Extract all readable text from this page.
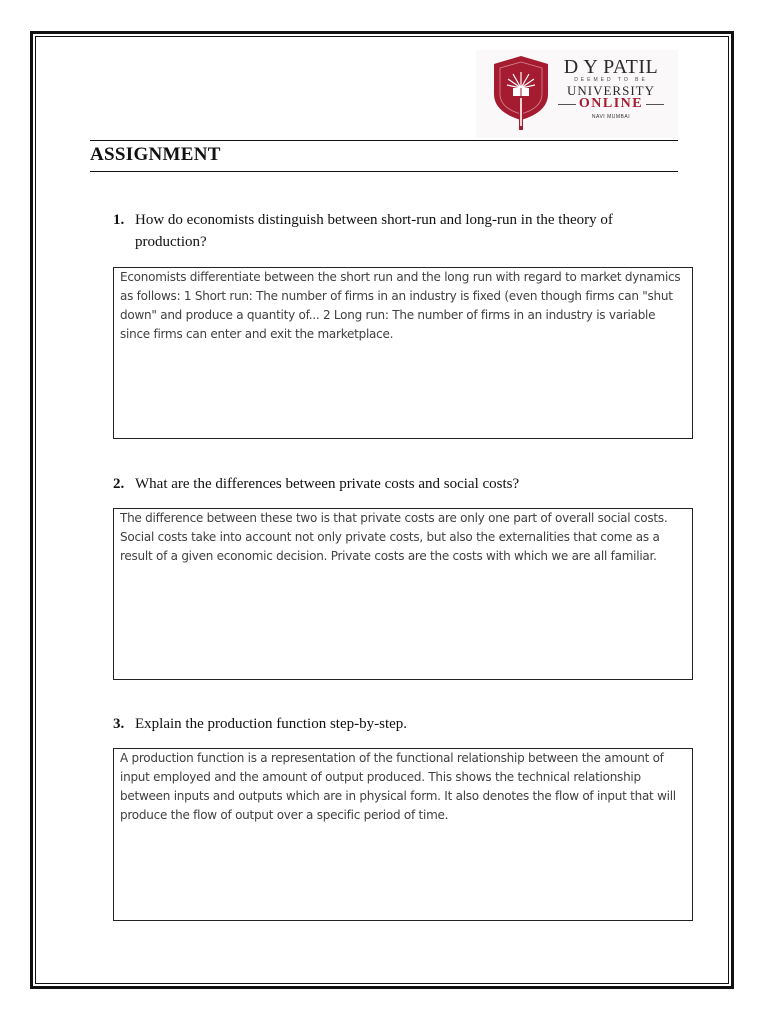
D Y PATIL
DEEMED TO BE
UNIVERSITY
ONLINE
NAVI MUMBAI
ASSIGNMENT
1. How do economists distinguish between short-run and long-run in the theory of production?
Economists differentiate between the short run and the long run with regard to market dynamics as follows: 1 Short run: The number of firms in an industry is fixed (even though firms can "shut down" and produce a quantity of... 2 Long run: The number of firms in an industry is variable since firms can enter and exit the marketplace.
2. What are the differences between private costs and social costs?
The difference between these two is that private costs are only one part of overall social costs. Social costs take into account not only private costs, but also the externalities that come as a result of a given economic decision. Private costs are the costs with which we are all familiar.
3. Explain the production function step-by-step.
A production function is a representation of the functional relationship between the amount of input employed and the amount of output produced. This shows the technical relationship between inputs and outputs which are in physical form. It also denotes the flow of input that will produce the flow of output over a specific period of time.
